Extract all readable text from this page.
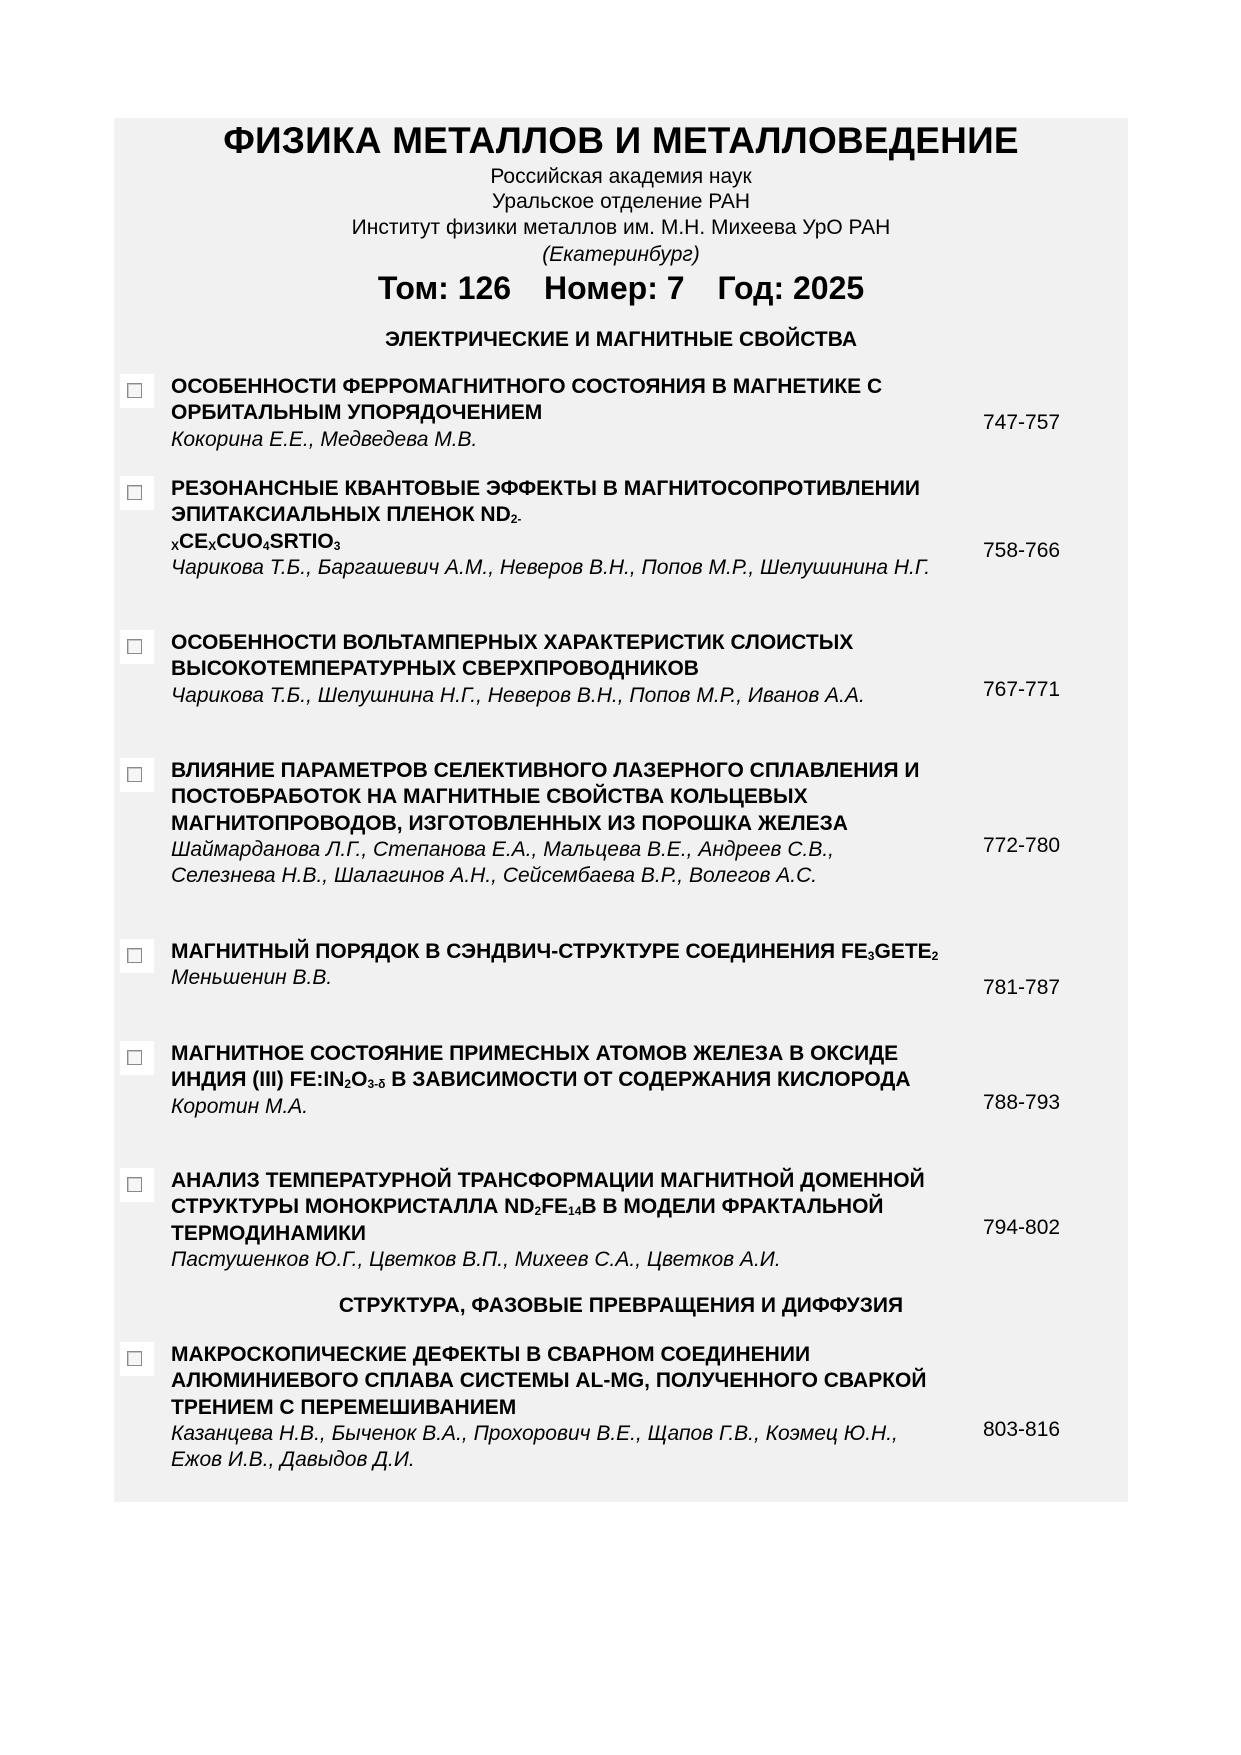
ФИЗИКА МЕТАЛЛОВ И МЕТАЛЛОВЕДЕНИЕ
Российская академия наук
Уральское отделение РАН
Институт физики металлов им. М.Н. Михеева УрО РАН
(Екатеринбург)
Том: 126 Номер: 7 Год: 2025
ЭЛЕКТРИЧЕСКИЕ И МАГНИТНЫЕ СВОЙСТВА
ОСОБЕННОСТИ ФЕРРОМАГНИТНОГО СОСТОЯНИЯ В МАГНЕТИКЕ С ОРБИТАЛЬНЫМ УПОРЯДОЧЕНИЕМ
Кокорина Е.Е., Медведева М.В.
747-757
РЕЗОНАНСНЫЕ КВАНТОВЫЕ ЭФФЕКТЫ В МАГНИТОСОПРОТИВЛЕНИИ ЭПИТАКСИАЛЬНЫХ ПЛЕНОК $ND_{2-}$
$_XCE_XCUO_4SRTIO_3$
Чарикова Т.Б., Баргашевич А.М., Неверов В.Н., Попов М.Р., Шелушинина Н.Г.
758-766
ОСОБЕННОСТИ ВОЛЬТАМПЕРНЫХ ХАРАКТЕРИСТИК СЛОИСТЫХ ВЫСОКОТЕМПЕРАТУРНЫХ СВЕРХПРОВОДНИКОВ
Чарикова Т.Б., Шелушнина Н.Г., Неверов В.Н., Попов М.Р., Иванов А.А.	767-771
ВЛИЯНИЕ ПАРАМЕТРОВ СЕЛЕКТИВНОГО ЛАЗЕРНОГО СПЛАВЛЕНИЯ И ПОСТОБРАБОТОК НА МАГНИТНЫЕ СВОЙСТВА КОЛЬЦЕВЫХ МАГНИТОПРОВОДОВ, ИЗГОТОВЛЕННЫХ ИЗ ПОРОШКА ЖЕЛЕЗА
Шаймарданова Л.Г., Степанова Е.А., Мальцева В.Е., Андреев С.В., Селезнева Н.В., Шалагинов А.Н., Сейсембаева В.Р., Волегов А.С.
772-780
МАГНИТНЫЙ ПОРЯДОК В СЭНДВИЧ-СТРУКТУРЕ СОЕДИНЕНИЯ $FE_3GETE_2$
Меньшенин В.В.	781-787
МАГНИТНОЕ СОСТОЯНИЕ ПРИМЕСНЫХ АТОМОВ ЖЕЛЕЗА В ОКСИДЕ ИНДИЯ (III) $FE:IN_2O_{3-\delta}$ В ЗАВИСИМОСТИ ОТ СОДЕРЖАНИЯ КИСЛОРОДА
Коротин М.А.	788-793
АНАЛИЗ ТЕМПЕРАТУРНОЙ ТРАНСФОРМАЦИИ МАГНИТНОЙ ДОМЕННОЙ СТРУКТУРЫ МОНОКРИСТАЛЛА $ND_2FE_{14}B$ В МОДЕЛИ ФРАКТАЛЬНОЙ ТЕРМОДИНАМИКИ
Пастушенков Ю.Г., Цветков В.П., Михеев С.А., Цветков А.И.
794-802
СТРУКТУРА, ФАЗОВЫЕ ПРЕВРАЩЕНИЯ И ДИФФУЗИЯ
МАКРОСКОПИЧЕСКИЕ ДЕФЕКТЫ В СВАРНОМ СОЕДИНЕНИИ АЛЮМИНИЕВОГО СПЛАВА СИСТЕМЫ AL-MG, ПОЛУЧЕННОГО СВАРКОЙ ТРЕНИЕМ С ПЕРЕМЕШИВАНИЕМ
Казанцева Н.В., Быченок В.А., Прохорович В.Е., Щапов Г.В., Коэмец Ю.Н., Ежов И.В., Давыдов Д.И.
803-816
